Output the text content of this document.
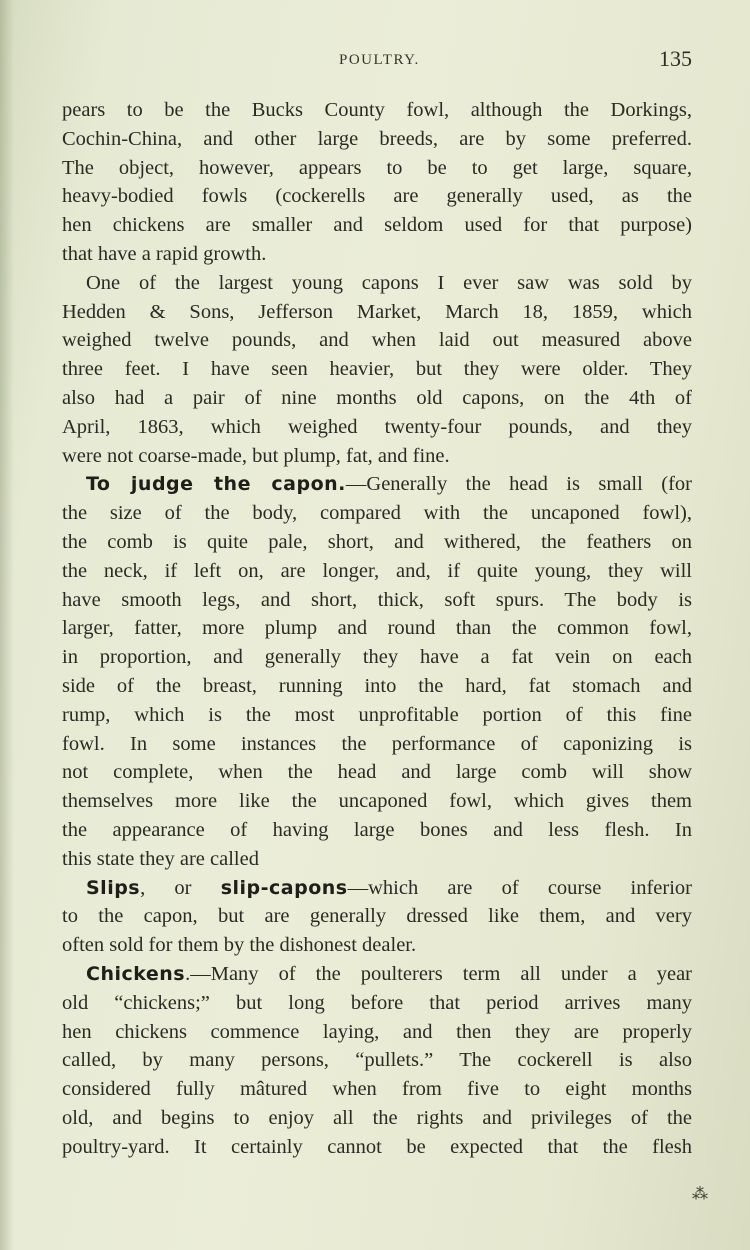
POULTRY.	135
pears to be the Bucks County fowl, although the Dorkings,
Cochin-China, and other large breeds, are by some preferred.
The object, however, appears to be to get large, square,
heavy-bodied fowls (cockerells are generally used, as the
hen chickens are smaller and seldom used for that purpose)
that have a rapid growth.
One of the largest young capons I ever saw was sold by
Hedden & Sons, Jefferson Market, March 18, 1859, which
weighed twelve pounds, and when laid out measured above
three feet. I have seen heavier, but they were older. They
also had a pair of nine months old capons, on the 4th of
April, 1863, which weighed twenty-four pounds, and they
were not coarse-made, but plump, fat, and fine.
To judge the capon.—Generally the head is small (for
the size of the body, compared with the uncaponed fowl),
the comb is quite pale, short, and withered, the feathers on
the neck, if left on, are longer, and, if quite young, they will
have smooth legs, and short, thick, soft spurs. The body is
larger, fatter, more plump and round than the common fowl,
in proportion, and generally they have a fat vein on each
side of the breast, running into the hard, fat stomach and
rump, which is the most unprofitable portion of this fine
fowl. In some instances the performance of caponizing is
not complete, when the head and large comb will show
themselves more like the uncaponed fowl, which gives them
the appearance of having large bones and less flesh. In
this state they are called
Slips, or slip-capons—which are of course inferior
to the capon, but are generally dressed like them, and very
often sold for them by the dishonest dealer.
Chickens.—Many of the poulterers term all under a year
old “chickens;” but long before that period arrives many
hen chickens commence laying, and then they are properly
called, by many persons, “pullets.” The cockerell is also
considered fully mâtured when from five to eight months
old, and begins to enjoy all the rights and privileges of the
poultry-yard. It certainly cannot be expected that the flesh
⁂
